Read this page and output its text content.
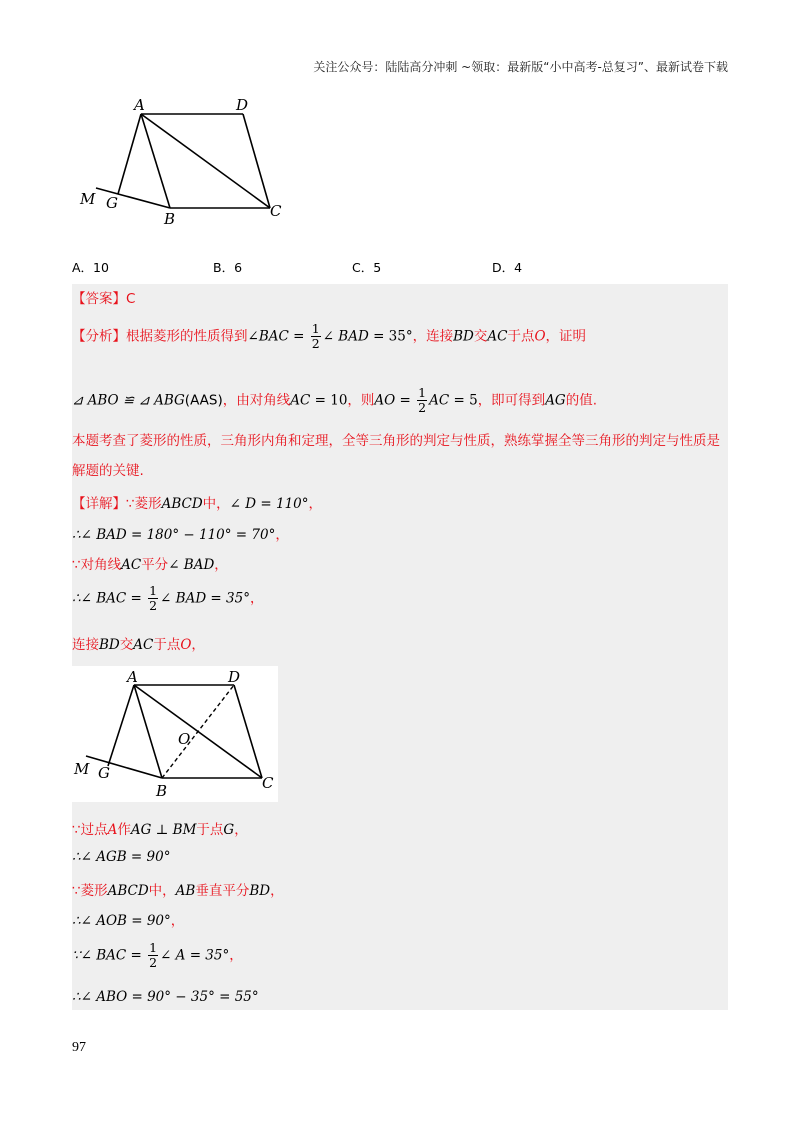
关注公众号：陆陆高分冲刺 ~领取：最新版“小中高考-总复习”、最新试卷下载
A	D
M G
B	C
A．10	B．6	C．5	D．4
【答案】C
【分析】根据菱形的性质得到∠BAC = $\frac{1}{2}$ ∠ BAD = 35°，连接BD交AC于点O，证明
⊿ ABO ≌ ⊿ ABG(AAS)，由对角线AC = 10，则AO = $\frac{1}{2}$ AC = 5，即可得到AG的值.
本题考查了菱形的性质，三角形内角和定理，全等三角形的判定与性质，熟练掌握全等三角形的判定与性质是解题的关键.
【详解】∵菱形ABCD中，∠ D = 110°，
∴∠ BAD = 180° − 110° = 70°，
∵对角线AC平分∠ BAD，
∴∠ BAC = $\frac{1}{2}$ ∠ BAD = 35°，
连接BD交AC于点O，
A	D
O
M G
B	C
∵过点A作AG ⊥ BM于点G，
∴∠ AGB = 90°
∵菱形ABCD中，AB垂直平分BD，
∴∠ AOB = 90°，
∵∠ BAC = $\frac{1}{2}$ ∠ A = 35°，
∴∠ ABO = 90° − 35° = 55°
97
